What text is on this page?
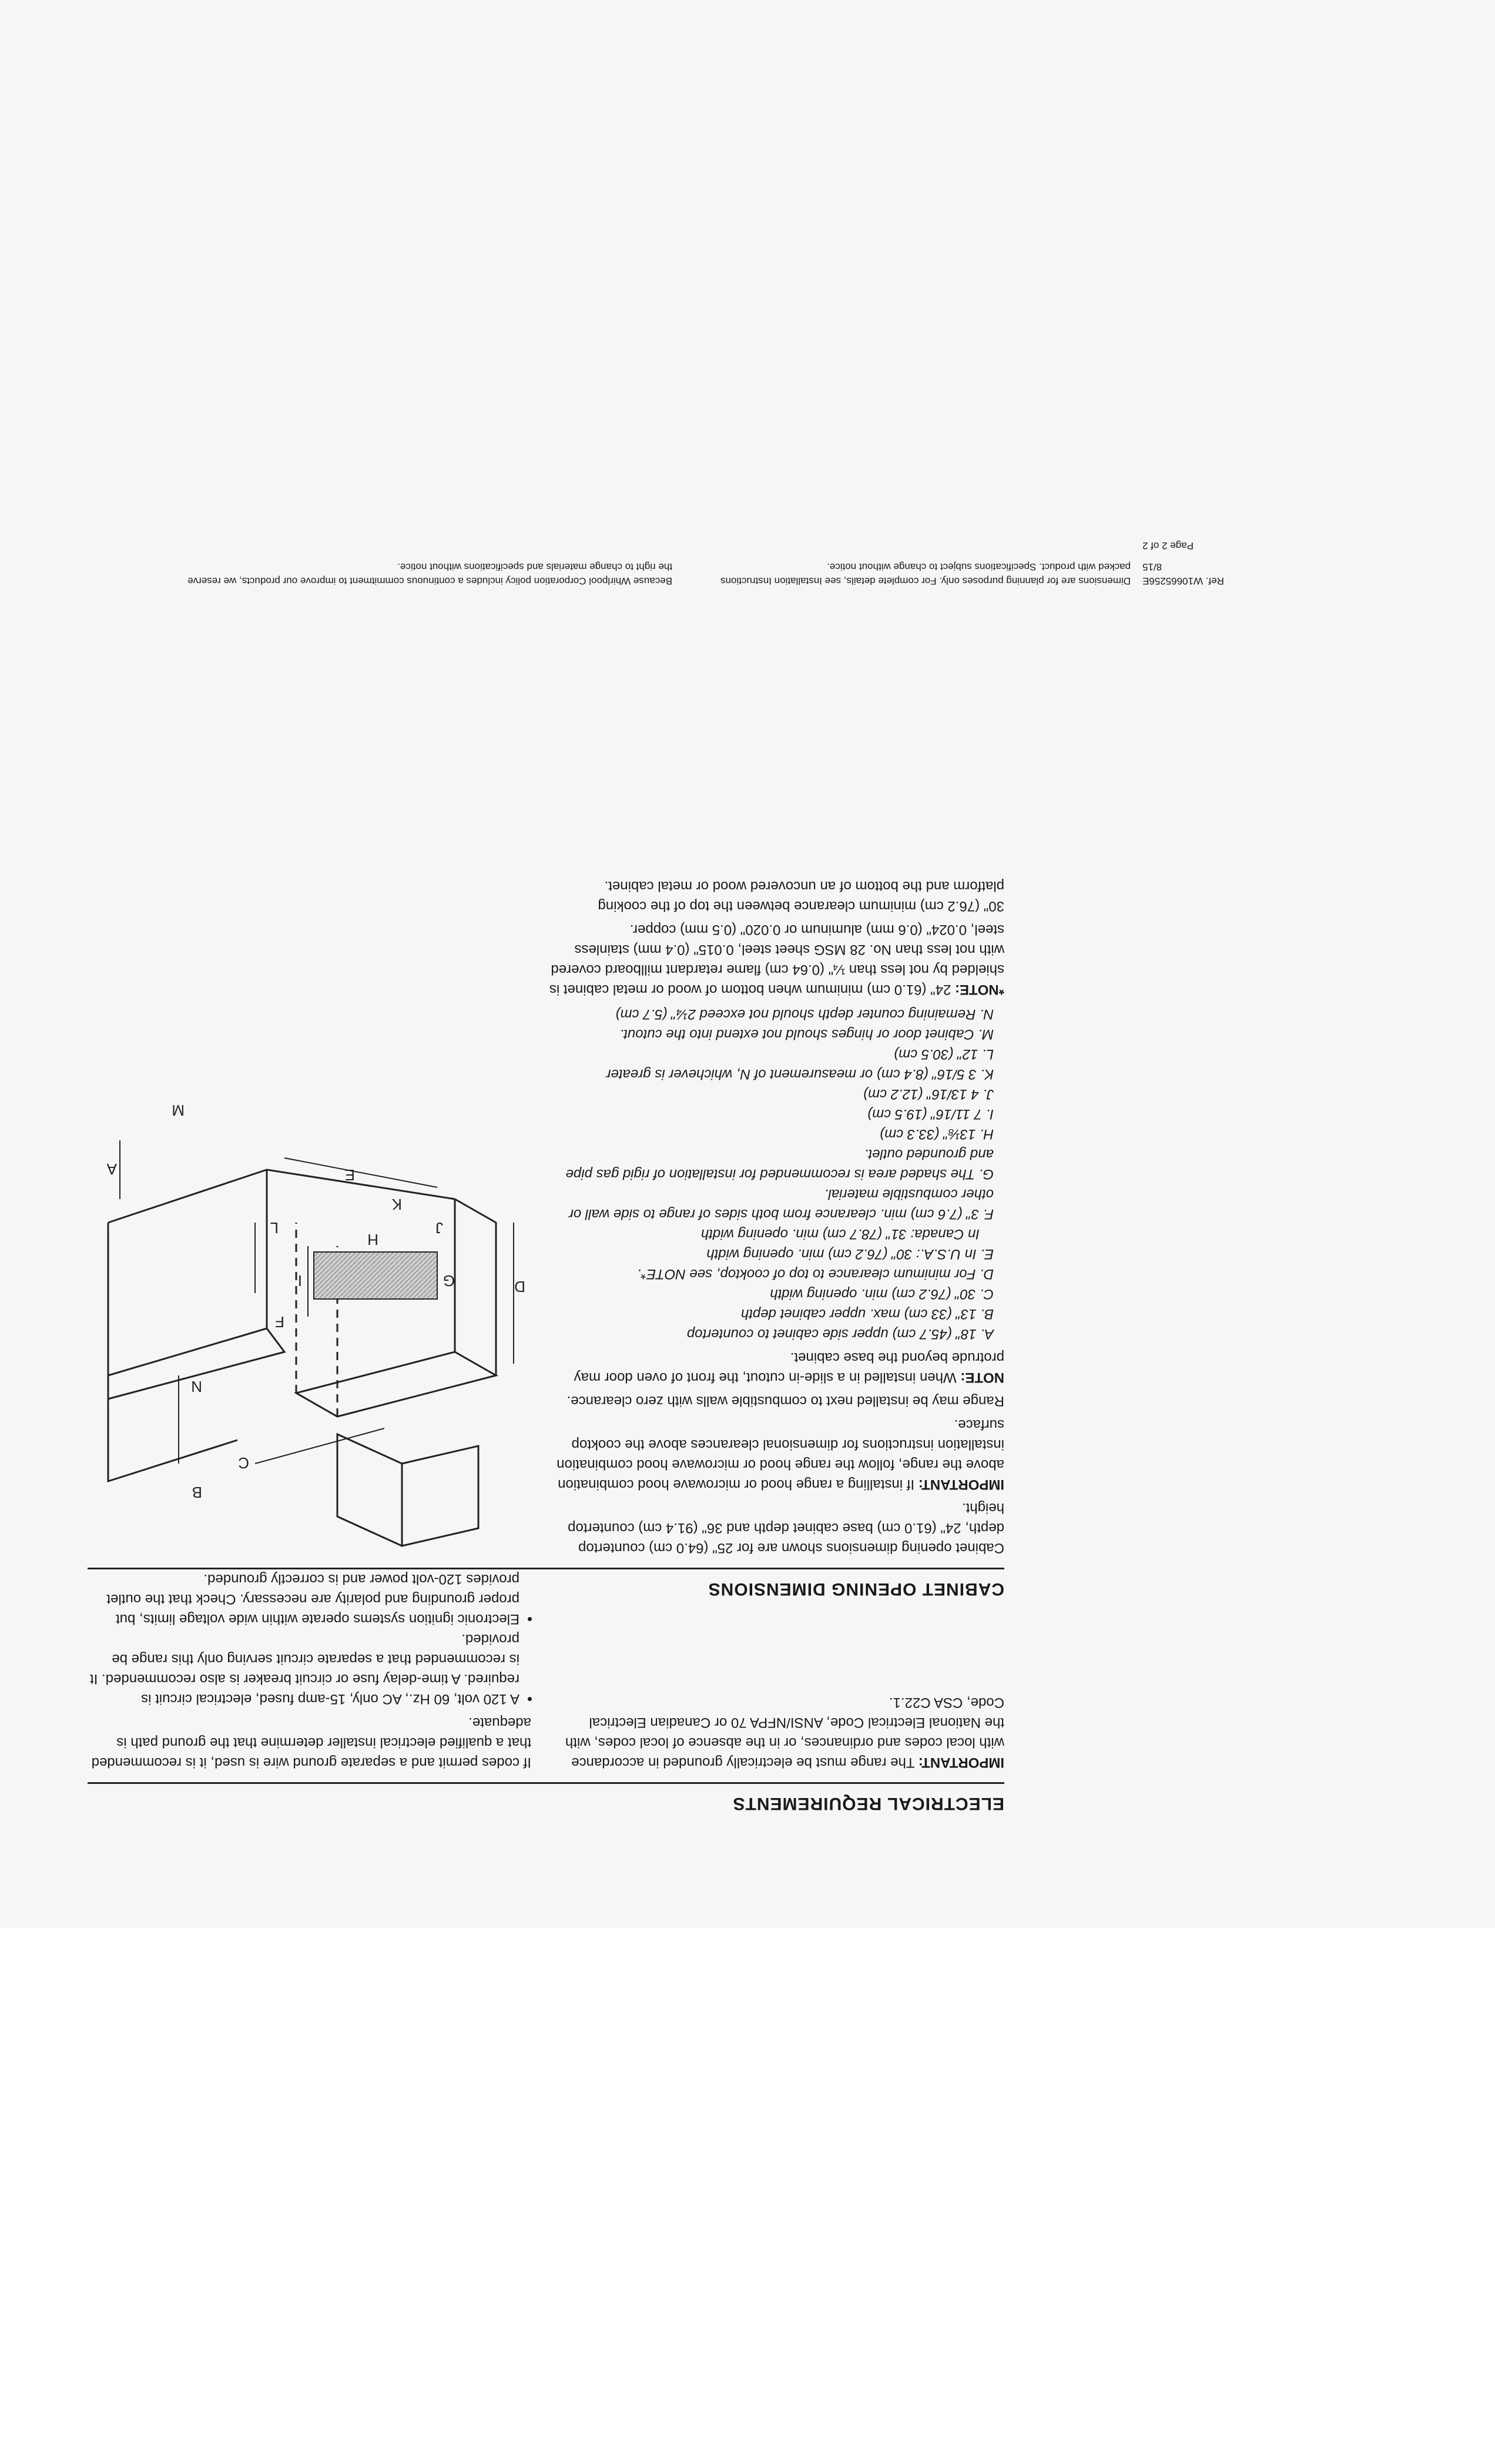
ELECTRICAL REQUIREMENTS

IMPORTANT: The range must be electrically grounded in accordance with local codes and ordinances, or in the absence of local codes, with the National Electrical Code, ANSI/NFPA 70 or Canadian Electrical Code, CSA C22.1.

If codes permit and a separate ground wire is used, it is recommended that a qualified electrical installer determine that the ground path is adequate.

• A 120 volt, 60 Hz., AC only, 15-amp fused, electrical circuit is required. A time-delay fuse or circuit breaker is also recommended. It is recommended that a separate circuit serving only this range be provided.
• Electronic ignition systems operate within wide voltage limits, but proper grounding and polarity are necessary. Check that the outlet provides 120-volt power and is correctly grounded.
CABINET OPENING DIMENSIONS

Cabinet opening dimensions shown are for 25" (64.0 cm) countertop depth, 24" (61.0 cm) base cabinet depth and 36" (91.4 cm) countertop height.

IMPORTANT: If installing a range hood or microwave hood combination above the range, follow the range hood or microwave hood combination installation instructions for dimensional clearances above the cooktop surface.

Range may be installed next to combustible walls with zero clearance.

NOTE: When installed in a slide-in cutout, the front of oven door may protrude beyond the base cabinet.

A. 18" (45.7 cm) upper side cabinet to countertop
B. 13" (33 cm) max. upper cabinet depth
C. 30" (76.2 cm) min. opening width
D. For minimum clearance to top of cooktop, see NOTE*.
E. In U.S.A.: 30" (76.2 cm) min. opening width
In Canada: 31" (78.7 cm) min. opening width
F. 3" (7.6 cm) min. clearance from both sides of range to side wall or other combustible material.
G. The shaded area is recommended for installation of rigid gas pipe and grounded outlet.
H. 13⅛" (33.3 cm)
I. 7 11/16" (19.5 cm)
J. 4 13/16" (12.2 cm)
K. 3 5/16" (8.4 cm) or measurement of N, whichever is greater
L. 12" (30.5 cm)
M. Cabinet door or hinges should not extend into the cutout.
N. Remaining counter depth should not exceed 2¼" (5.7 cm)

*NOTE: 24" (61.0 cm) minimum when bottom of wood or metal cabinet is shielded by not less than ¼" (0.64 cm) flame retardant millboard covered with not less than No. 28 MSG sheet steel, 0.015" (0.4 mm) stainless steel, 0.024" (0.6 mm) aluminum or 0.020" (0.5 mm) copper.

30" (76.2 cm) minimum clearance between the top of the cooking platform and the bottom of an uncovered wood or metal cabinet.

A
B
C
D
E
F
G
H
I
J
K
L
M
N
Because Whirlpool Corporation policy includes a continuous commitment to improve our products, we reserve the right to change materials and specifications without notice.
Dimensions are for planning purposes only. For complete details, see Installation Instructions packed with product. Specifications subject to change without notice.
Ref. W10665256E
8/15
Page 2 of 2
